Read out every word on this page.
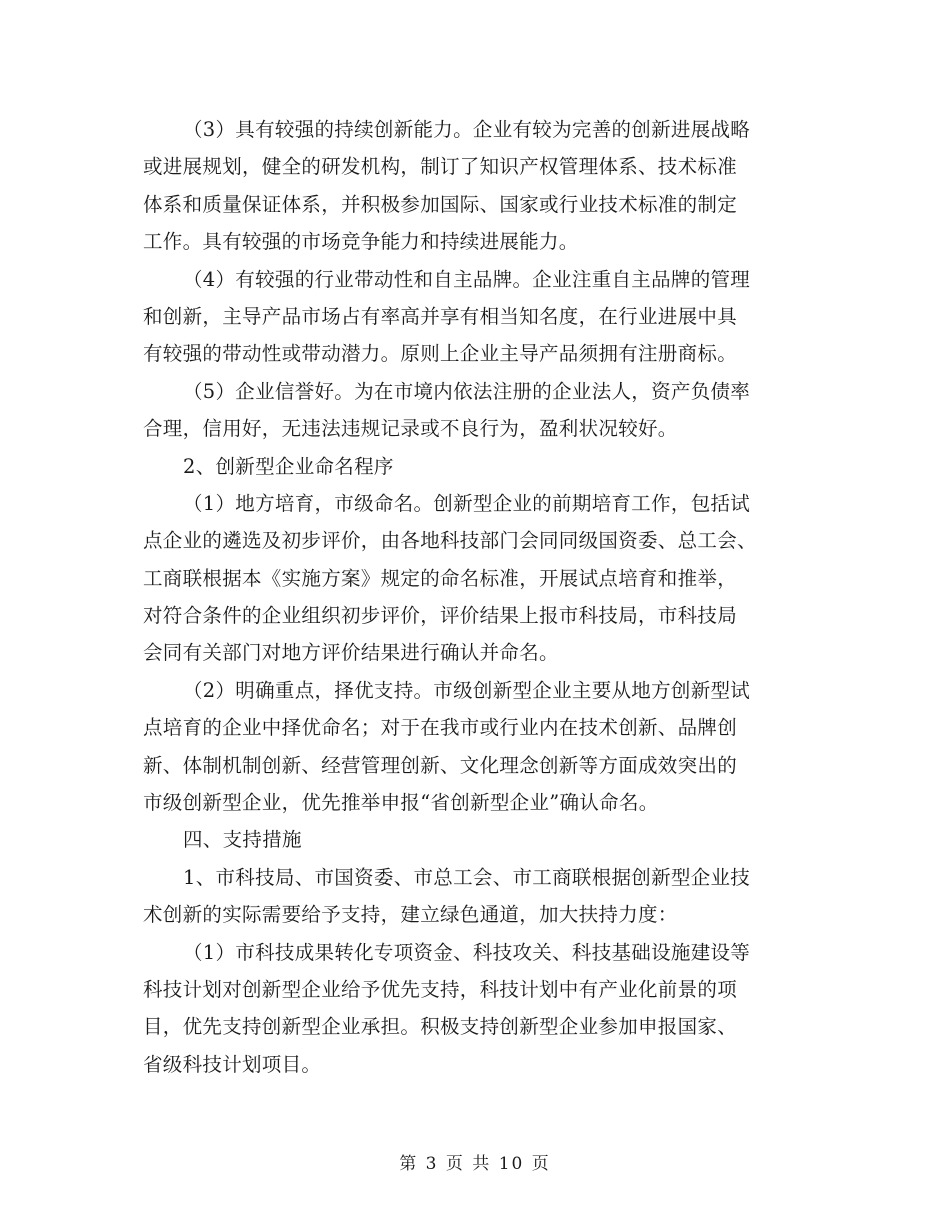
（3）具有较强的持续创新能力。企业有较为完善的创新进展战略
或进展规划，健全的研发机构，制订了知识产权管理体系、技术标准
体系和质量保证体系，并积极参加国际、国家或行业技术标准的制定
工作。具有较强的市场竞争能力和持续进展能力。
（4）有较强的行业带动性和自主品牌。企业注重自主品牌的管理
和创新，主导产品市场占有率高并享有相当知名度，在行业进展中具
有较强的带动性或带动潜力。原则上企业主导产品须拥有注册商标。
（5）企业信誉好。为在市境内依法注册的企业法人，资产负债率
合理，信用好，无违法违规记录或不良行为，盈利状况较好。
2、创新型企业命名程序
（1）地方培育，市级命名。创新型企业的前期培育工作，包括试
点企业的遴选及初步评价，由各地科技部门会同同级国资委、总工会、
工商联根据本《实施方案》规定的命名标准，开展试点培育和推举，
对符合条件的企业组织初步评价，评价结果上报市科技局，市科技局
会同有关部门对地方评价结果进行确认并命名。
（2）明确重点，择优支持。市级创新型企业主要从地方创新型试
点培育的企业中择优命名；对于在我市或行业内在技术创新、品牌创
新、体制机制创新、经营管理创新、文化理念创新等方面成效突出的
市级创新型企业，优先推举申报“省创新型企业”确认命名。
四、支持措施
1、市科技局、市国资委、市总工会、市工商联根据创新型企业技
术创新的实际需要给予支持，建立绿色通道，加大扶持力度：
（1）市科技成果转化专项资金、科技攻关、科技基础设施建设等
科技计划对创新型企业给予优先支持，科技计划中有产业化前景的项
目，优先支持创新型企业承担。积极支持创新型企业参加申报国家、
省级科技计划项目。
第 3 页 共 10 页
